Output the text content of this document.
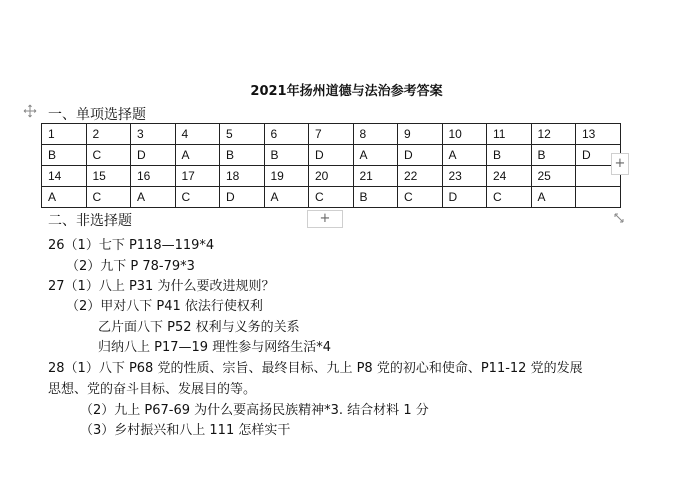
2021年扬州道德与法治参考答案
一、单项选择题
1	2	3	4	5	6	7	8	9	10	11	12	13
B	C	D	A	B	B	D	A	D	A	B	B	D
14	15	16	17	18	19	20	21	22	23	24	25	
A	C	A	C	D	A	C	B	C	D	C	A	
+
+
二、非选择题
26（1）七下 P118—119*4
（2）九下 P 78-79*3
27（1）八上 P31 为什么要改进规则？
（2）甲对八下 P41 依法行使权利
乙片面八下 P52 权利与义务的关系
归纳八上 P17—19 理性参与网络生活*4
28（1）八下 P68 党的性质、宗旨、最终目标、九上 P8 党的初心和使命、P11-12 党的发展
思想、党的奋斗目标、发展目的等。
（2）九上 P67-69 为什么要高扬民族精神*3. 结合材料 1 分
（3）乡村振兴和八上 111 怎样实干
